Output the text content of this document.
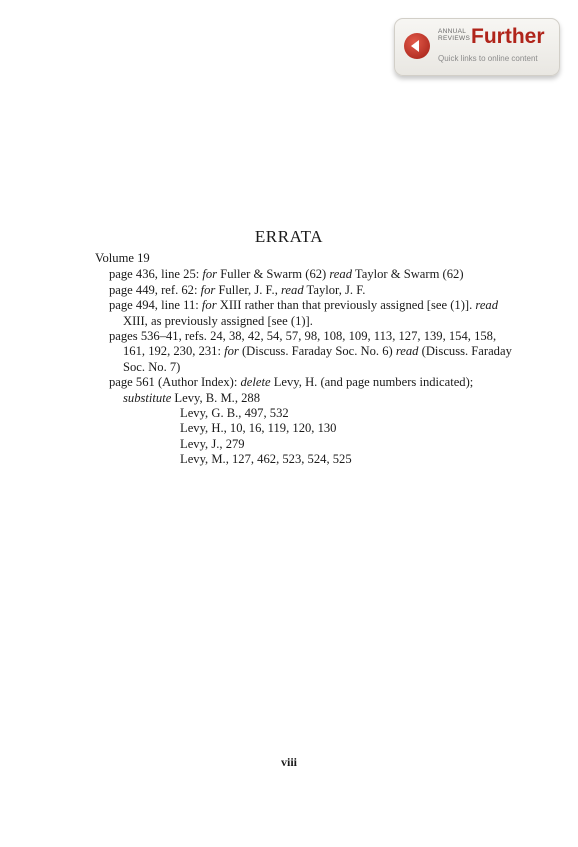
ANNUAL
REVIEWS Further
Quick links to online content
ERRATA

Volume 19

page 436, line 25: for Fuller & Swarm (62) read Taylor & Swarm (62)

page 449, ref. 62: for Fuller, J. F., read Taylor, J. F.

page 494, line 11: for XIII rather than that previously assigned [see (1)]. read XIII, as previously assigned [see (1)].

pages 536–41, refs. 24, 38, 42, 54, 57, 98, 108, 109, 113, 127, 139, 154, 158, 161, 192, 230, 231: for (Discuss. Faraday Soc. No. 6) read (Discuss. Faraday Soc. No. 7)

page 561 (Author Index): delete Levy, H. (and page numbers indicated);

substitute Levy, B. M., 288

Levy, G. B., 497, 532

Levy, H., 10, 16, 119, 120, 130

Levy, J., 279

Levy, M., 127, 462, 523, 524, 525

viii
